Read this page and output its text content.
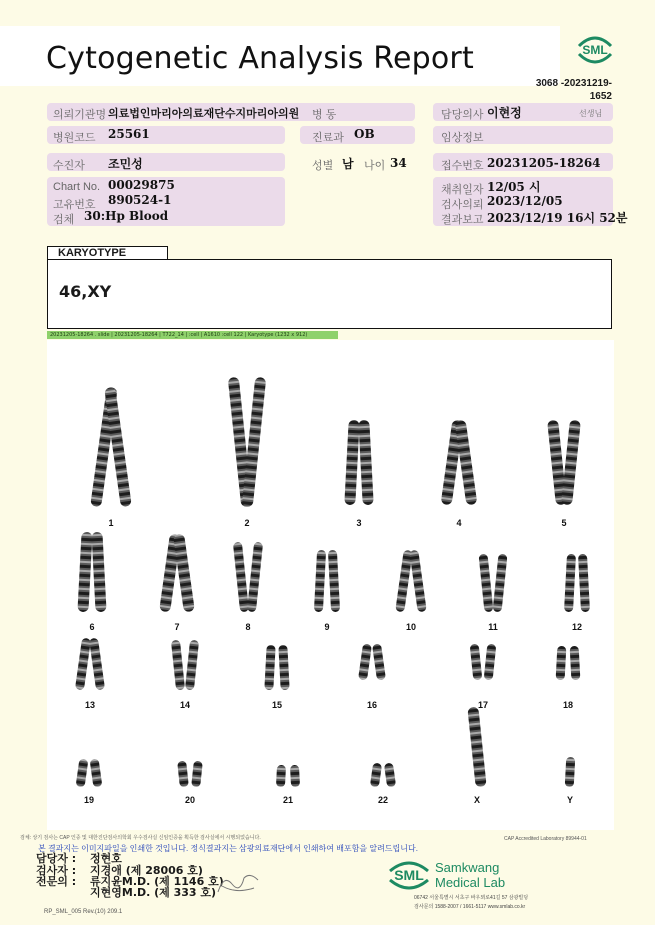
Cytogenetic Analysis Report	SML
3068 -20231219-1652
의뢰기관명 의료법인마리아의료재단수지마리아의원 병 동	담당의사 이현정	선생님
병원코드 25561	진료과 OB	임상정보
수진자 조민성	성별 남 나이 34	접수번호 20231205-18264
Chart No. 00029875
고유번호 890524-1
검체 30:Hp Blood
채취일자 12/05 시
검사의뢰 2023/12/05
결과보고 2023/12/19 16시 52분
KARYOTYPE
46,XY
20231205-18264 . slide | 20231205-18264 | T722_14 | :cell | A1610 :cell 122 | Karyotype (1232 x 912)
1	2	3	4	5
6	7	8	9	10	11	12
13	14	15	16	17	18
19	20	21	22	X	Y
검체: 상기 검사는 CAP 인증 및 대한진단검사의학회 우수검사실 신임인증을 획득한 검사실에서 시행되었습니다.	CAP Accredited Laboratory 89944-01
본 결과지는 이미지파일을 인쇄한 것입니다. 정식결과지는 삼광의료재단에서 인쇄하여 배포함을 알려드립니다.
담당자 : 정현호
검사자 : 지경애 (제 28006 호)
전문의 : 류지윤M.D. (제 1146 호)
지현영M.D. (제 333 호)
SML Samkwang
Medical Lab
06742 서울특별시 서초구 바우뫼로41길 57 삼광빌딩
검사문의 1588-2007 / 1661-5117 www.smlab.co.kr
RP_SML_005 Rev.(10) 209.1
